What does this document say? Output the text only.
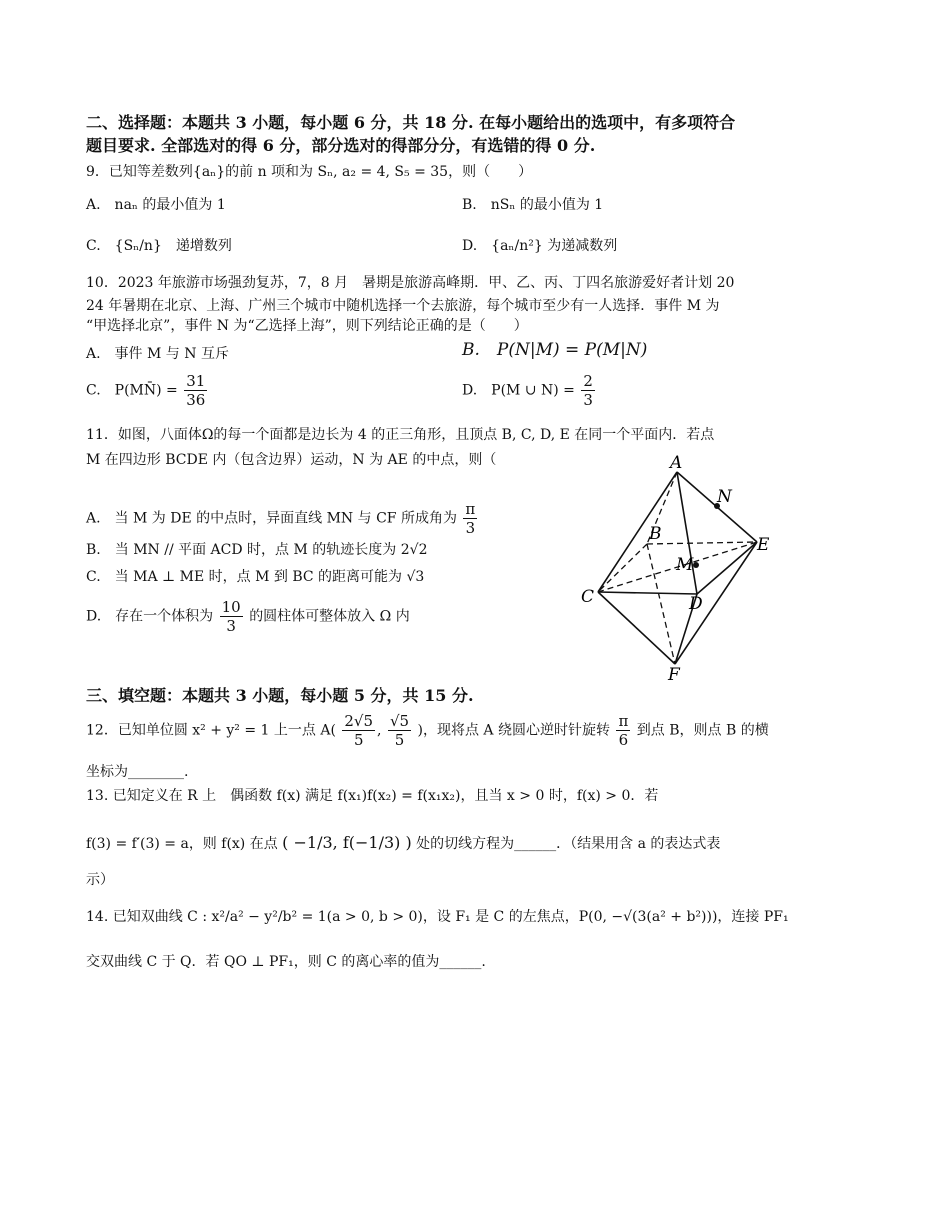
二、选择题：本题共 3 小题，每小题 6 分，共 18 分. 在每小题给出的选项中，有多项符合
题目要求. 全部选对的得 6 分，部分选对的得部分分，有选错的得 0 分.
9．已知等差数列{aₙ}的前 n 项和为 Sₙ, a₂ = 4, S₅ = 35，则（　　）
A.　naₙ 的最小值为 1	B.　nSₙ 的最小值为 1
C.　{Sₙ/n}　递增数列	D.　{aₙ/n²} 为递减数列
10．2023 年旅游市场强劲复苏，7，8 月　暑期是旅游高峰期．甲、乙、丙、丁四名旅游爱好者计划 20
24 年暑期在北京、上海、广州三个城市中随机选择一个去旅游，每个城市至少有一人选择．事件 M 为
“甲选择北京”，事件 N 为“乙选择上海”，则下列结论正确的是（　　）
A.　事件 M 与 N 互斥	B.　P(N|M) = P(M|N)
C.　P(MN̄) = $\frac{31}{36}$	D.　P(M ∪ $N) = \frac{2}{3}$
11．如图，八面体Ω的每一个面都是边长为 4 的正三角形，且顶点 B, C, D, E 在同一个平面内．若点
M 在四边形 BCDE 内（包含边界）运动，N 为 AE 的中点，则（
A.　当 M 为 DE 的中点时，异面直线 MN 与 CF 所成角为 $\frac{\pi}{3}$
B.　当 MN // 平面 ACD 时，点 M 的轨迹长度为 2√2
C.　当 MA ⊥ ME 时，点 M 到 BC 的距离可能为 √3
D.　存在一个体积为 $\frac{10}{3}$ 的圆柱体可整体放入 Ω 内
A
B
C	D
E
F
M
N
三、填空题：本题共 3 小题，每小题 5 分，共 15 分.
12．已知单位圆 x² + y² = 1 上一点 $A( \frac{2√5}{5}$ , $\frac{√5}{5}$ )，现将点 A 绕圆心逆时针旋转 $\frac{\pi}{6}$ 到点 B，则点 B 的横
坐标为________.
13. 已知定义在 R 上　偶函数 f(x) 满足 f(x₁)f(x₂) = f(x₁x₂)，且当 x > 0 时，f(x) > 0．若
f(3) = f′(3) = a，则 f(x) 在点 ( −1/3, f(−1/3) ) 处的切线方程为______．（结果用含 a 的表达式表
示）
14. 已知双曲线 C : x²/a² − y²/b² = 1(a > 0, b > 0)，设 F₁ 是 C 的左焦点，P(0, −√(3(a² + b²)))，连接 PF₁
交双曲线 C 于 Q．若 QO ⊥ PF₁，则 C 的离心率的值为______.
